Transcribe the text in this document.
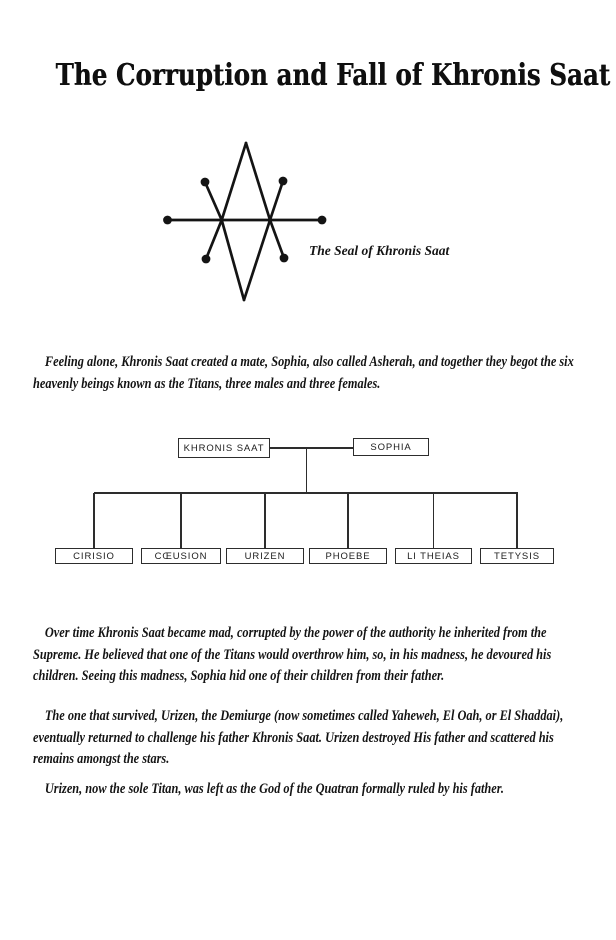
The Corruption and Fall of Khronis Saat
The Seal of Khronis Saat

Feeling alone, Khronis Saat created a mate, Sophia, also called Asherah, and together they begot the six heavenly beings known as the Titans, three males and three females.

KHRONIS SAAT	SOPHIA
CIRISIO	CŒUSION	URIZEN	PHOEBE	LI THEIAS	TETYSIS

Over time Khronis Saat became mad, corrupted by the power of the authority he inherited from the Supreme. He believed that one of the Titans would overthrow him, so, in his madness, he devoured his children. Seeing this madness, Sophia hid one of their children from their father.

The one that survived, Urizen, the Demiurge (now sometimes called Yaheweh, El Oah, or El Shaddai), eventually returned to challenge his father Khronis Saat. Urizen destroyed His father and scattered his remains amongst the stars.

Urizen, now the sole Titan, was left as the God of the Quatran formally ruled by his father.
